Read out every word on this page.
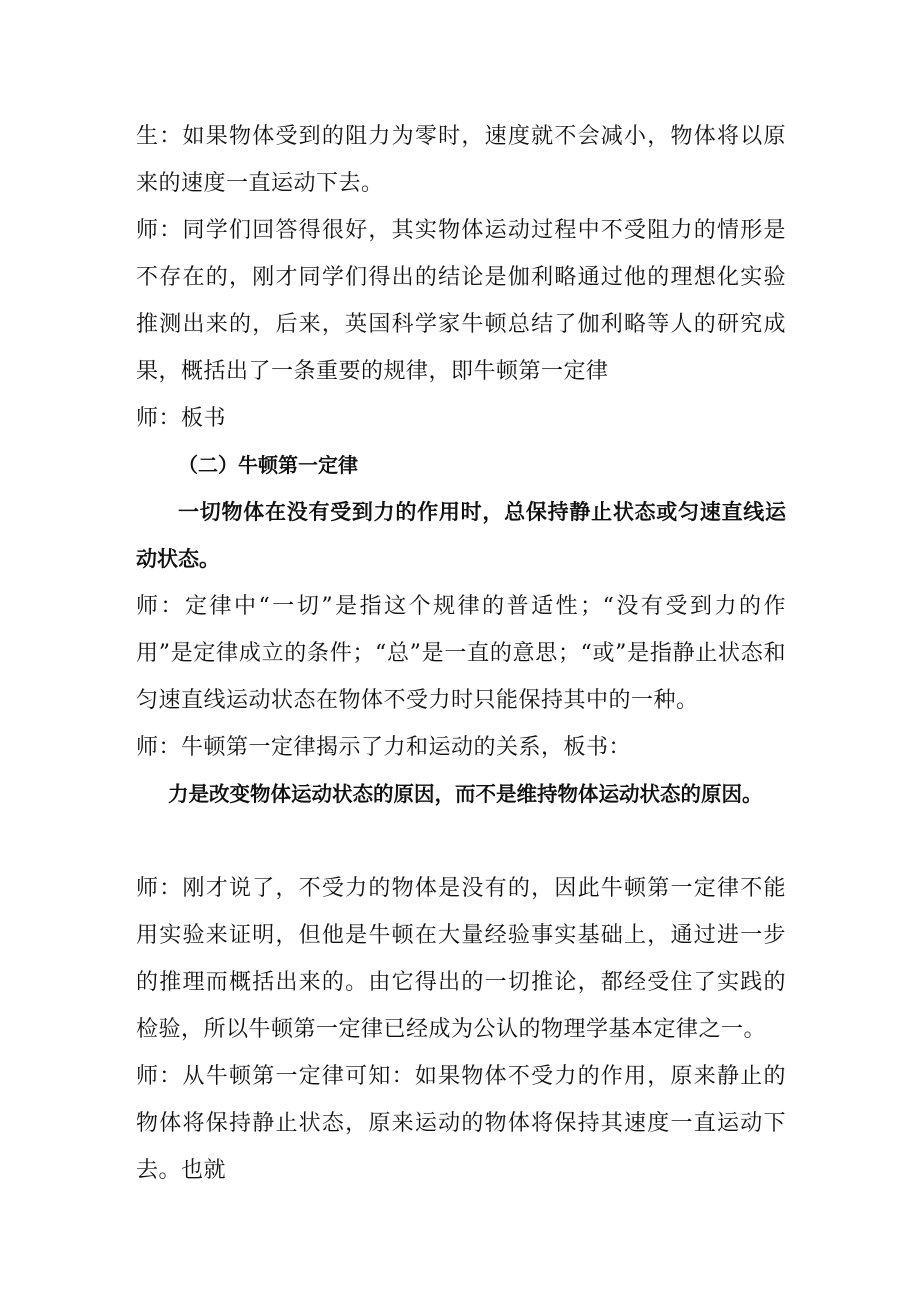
生：如果物体受到的阻力为零时，速度就不会减小，物体将以原来的速度一直运动下去。

师：同学们回答得很好，其实物体运动过程中不受阻力的情形是不存在的，刚才同学们得出的结论是伽利略通过他的理想化实验推测出来的，后来，英国科学家牛顿总结了伽利略等人的研究成果，概括出了一条重要的规律，即牛顿第一定律

师：板书

（二）牛顿第一定律

一切物体在没有受到力的作用时，总保持静止状态或匀速直线运动状态。

师：定律中“一切”是指这个规律的普适性；“没有受到力的作用”是定律成立的条件；“总”是一直的意思；“或”是指静止状态和匀速直线运动状态在物体不受力时只能保持其中的一种。

师：牛顿第一定律揭示了力和运动的关系，板书：

力是改变物体运动状态的原因，而不是维持物体运动状态的原因。

师：刚才说了，不受力的物体是没有的，因此牛顿第一定律不能用实验来证明，但他是牛顿在大量经验事实基础上，通过进一步的推理而概括出来的。由它得出的一切推论，都经受住了实践的检验，所以牛顿第一定律已经成为公认的物理学基本定律之一。

师：从牛顿第一定律可知：如果物体不受力的作用，原来静止的物体将保持静止状态，原来运动的物体将保持其速度一直运动下去。也就
